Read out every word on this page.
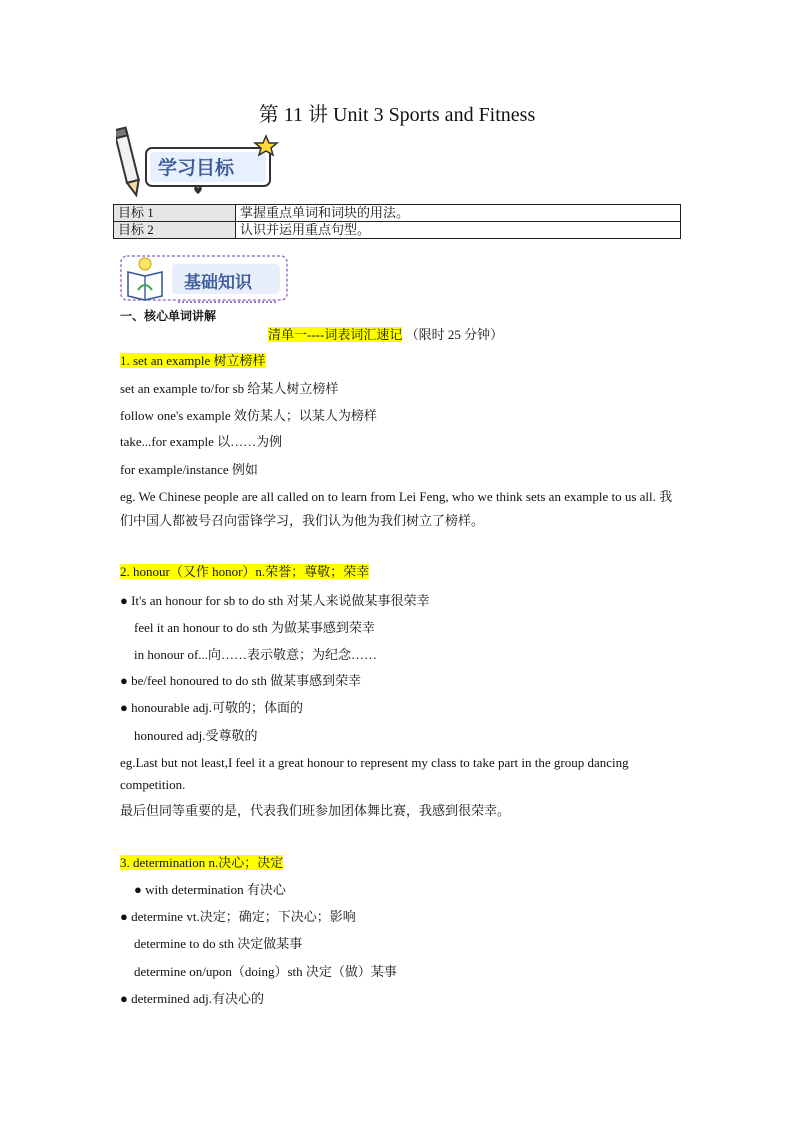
第 11 讲 Unit 3 Sports and Fitness
学习目标
目标 1	掌握重点单词和词块的用法。
目标 2	认识并运用重点句型。
基础知识
一、核心单词讲解
清单一----词表词汇速记 （限时 25 分钟）
1. set an example 树立榜样
set an example to/for sb 给某人树立榜样
follow one's example 效仿某人；以某人为榜样
take...for example 以……为例
for example/instance 例如
eg. We Chinese people are all called on to learn from Lei Feng, who we think sets an example to us all. 我们中国人都被号召向雷锋学习，我们认为他为我们树立了榜样。
2. honour（又作 honor）n.荣誉；尊敬；荣幸
● It's an honour for sb to do sth 对某人来说做某事很荣幸
feel it an honour to do sth 为做某事感到荣幸
in honour of...向……表示敬意；为纪念……
● be/feel honoured to do sth 做某事感到荣幸
● honourable adj.可敬的；体面的
honoured adj.受尊敬的
eg.Last but not least,I feel it a great honour to represent my class to take part in the group dancing competition.
最后但同等重要的是，代表我们班参加团体舞比赛，我感到很荣幸。
3. determination n.决心；决定
● with determination 有决心
● determine vt.决定；确定；下决心；影响
determine to do sth 决定做某事
determine on/upon（doing）sth 决定（做）某事
● determined adj.有决心的
